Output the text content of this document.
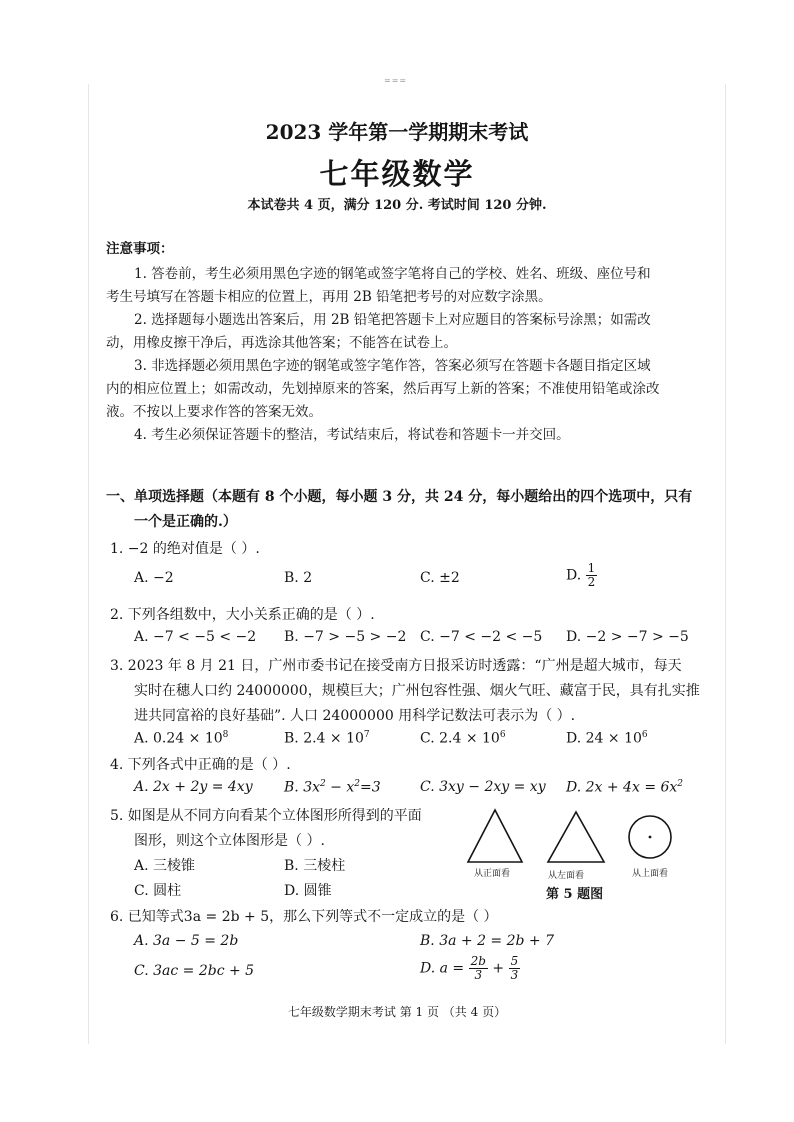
===
2023 学年第一学期期末考试
七年级数学
本试卷共 4 页，满分 120 分. 考试时间 120 分钟.
注意事项：
1. 答卷前，考生必须用黑色字迹的钢笔或签字笔将自己的学校、姓名、班级、座位号和
考生号填写在答题卡相应的位置上，再用 2B 铅笔把考号的对应数字涂黑。
2. 选择题每小题选出答案后，用 2B 铅笔把答题卡上对应题目的答案标号涂黑；如需改
动，用橡皮擦干净后，再选涂其他答案；不能答在试卷上。
3. 非选择题必须用黑色字迹的钢笔或签字笔作答，答案必须写在答题卡各题目指定区域
内的相应位置上；如需改动，先划掉原来的答案，然后再写上新的答案；不准使用铅笔或涂改
液。不按以上要求作答的答案无效。
4. 考生必须保证答题卡的整洁，考试结束后，将试卷和答题卡一并交回。
一、单项选择题（本题有 8 个小题，每小题 3 分，共 24 分，每小题给出的四个选项中，只有
一个是正确的.）
1. −2 的绝对值是（ ）.
A. −2	B. 2	C. ±2	D. $\frac{1}{2}$
2. 下列各组数中，大小关系正确的是（ ）.
A. −7 < −5 < −2 B. −7 > −5 > −2 C. −7 < −2 < −5 D. −2 > −7 > −5
3. 2023 年 8 月 21 日，广州市委书记在接受南方日报采访时透露：“广州是超大城市，每天
实时在穗人口约 24000000，规模巨大；广州包容性强、烟火气旺、藏富于民，具有扎实推
进共同富裕的良好基础”. 人口 24000000 用科学记数法可表示为（ ）.
A. $0.24 \times 10^8$	B. $2.4 \times 10^7$	C. $2.4 \times 10^6$	D. $24 \times 10^6$
4. 下列各式中正确的是（ ）.
A. 2x + 2y = 4xy B. $3x^2 - x^2=3$	C. 3xy − 2xy = xy D. $2x + 4x = 6x^2$
5. 如图是从不同方向看某个立体图形所得到的平面
图形，则这个立体图形是（ ）.
A. 三棱锥	B. 三棱柱
C. 圆柱	D. 圆锥
从正面看	从左面看	从上面看
第 5 题图
6. 已知等式3a = 2b + 5，那么下列等式不一定成立的是（ ）
A. 3a − 5 = 2b	B. 3a + 2 = 2b + 7
C. 3ac = 2bc + 5	D. $a = \frac{2b}{3} + \frac{5}{3}$
七年级数学期末考试 第 1 页 （共 4 页）
